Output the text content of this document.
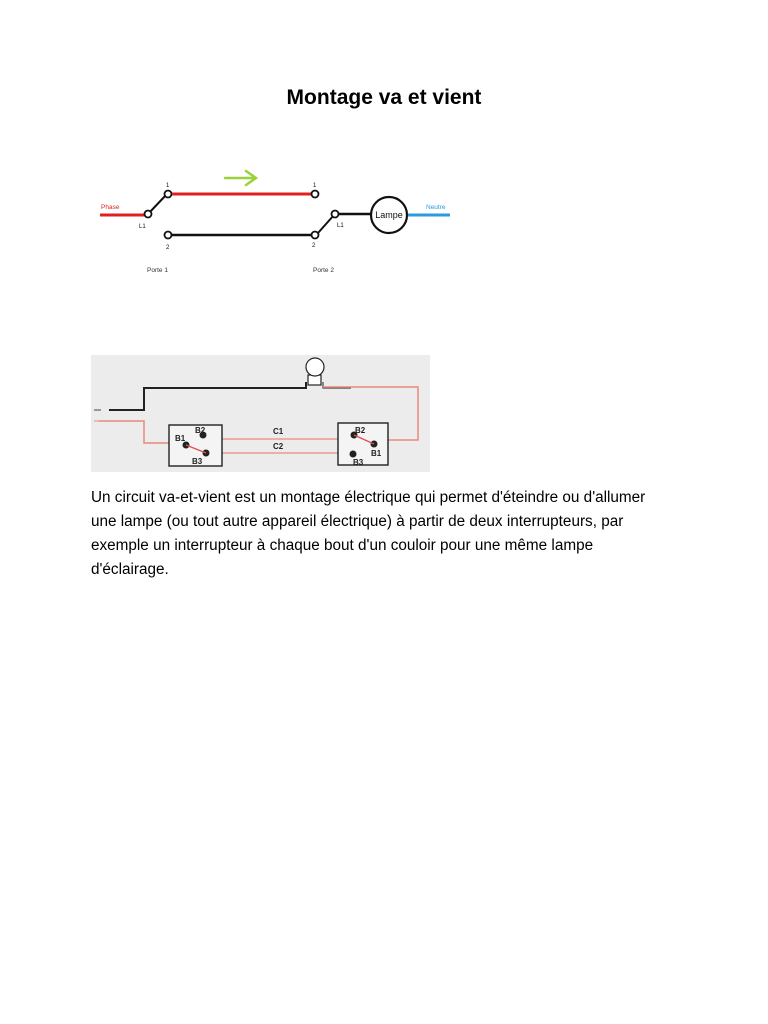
Montage va et vient
Lampe
Phase	Neutre
1
2
L1
1
2
L1
Porte 1	Porte 2
B1
B2
B3
B2
B1
B3
C1
C2

Un circuit va-et-vient est un montage électrique qui permet d'éteindre ou d'allumer une lampe (ou tout autre appareil électrique) à partir de deux interrupteurs, par exemple un interrupteur à chaque bout d'un couloir pour une même lampe d'éclairage.
